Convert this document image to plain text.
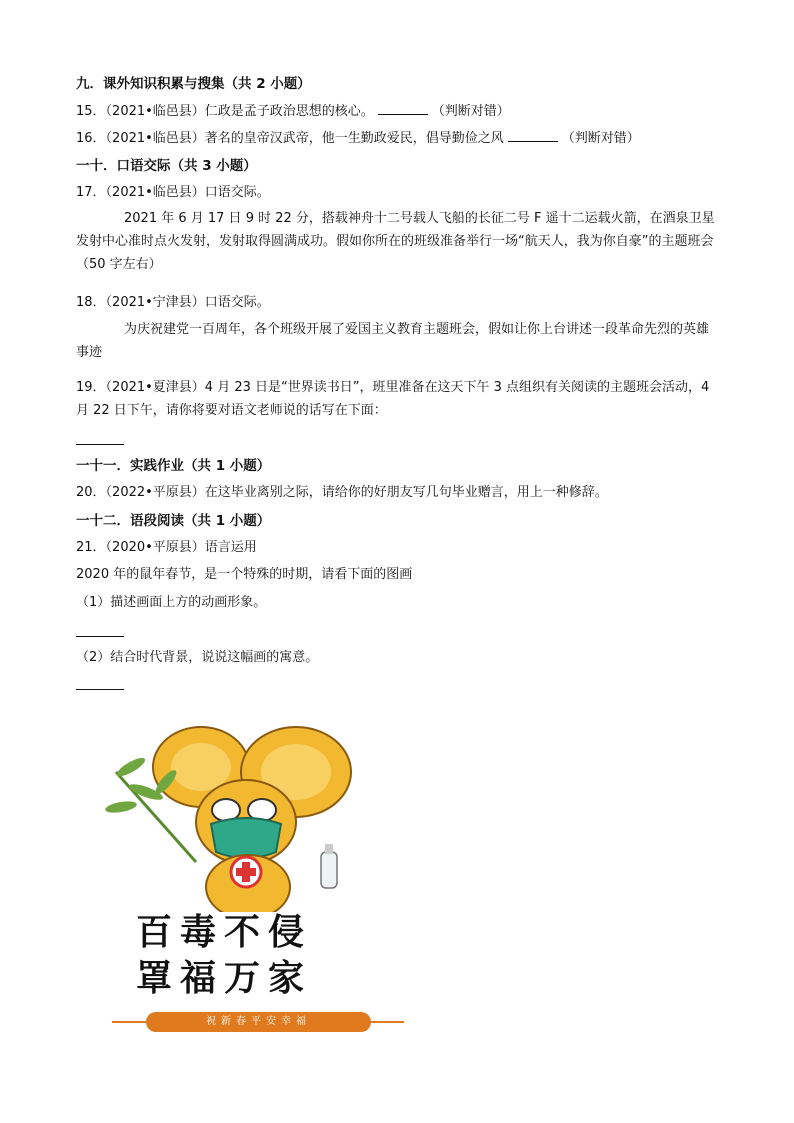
九．课外知识积累与搜集（共 2 小题）
15．（2021•临邑县）仁政是孟子政治思想的核心。	（判断对错）
16．（2021•临邑县）著名的皇帝汉武帝，他一生勤政爱民，倡导勤俭之风	（判断对错）
一十．口语交际（共 3 小题）
17．（2021•临邑县）口语交际。
2021 年 6 月 17 日 9 时 22 分，搭载神舟十二号载人飞船的长征二号 F 遥十二运载火箭，在酒泉卫星发射中心准时点火发射，发射取得圆满成功。假如你所在的班级准备举行一场“航天人，我为你自豪”的主题班会（50 字左右）
18．（2021•宁津县）口语交际。
为庆祝建党一百周年，各个班级开展了爱国主义教育主题班会，假如让你上台讲述一段革命先烈的英雄事迹
19．（2021•夏津县）4 月 23 日是“世界读书日”，班里准备在这天下午 3 点组织有关阅读的主题班会活动，4 月 22 日下午，请你将要对语文老师说的话写在下面：
一十一．实践作业（共 1 小题）
20．（2022•平原县）在这毕业离别之际，请给你的好朋友写几句毕业赠言，用上一种修辞。
一十二．语段阅读（共 1 小题）
21．（2020•平原县）语言运用
2020 年的鼠年春节，是一个特殊的时期，请看下面的图画
（1）描述画面上方的动画形象。
（2）结合时代背景，说说这幅画的寓意。
百毒不侵
罩福万家
祝新春平安幸福
